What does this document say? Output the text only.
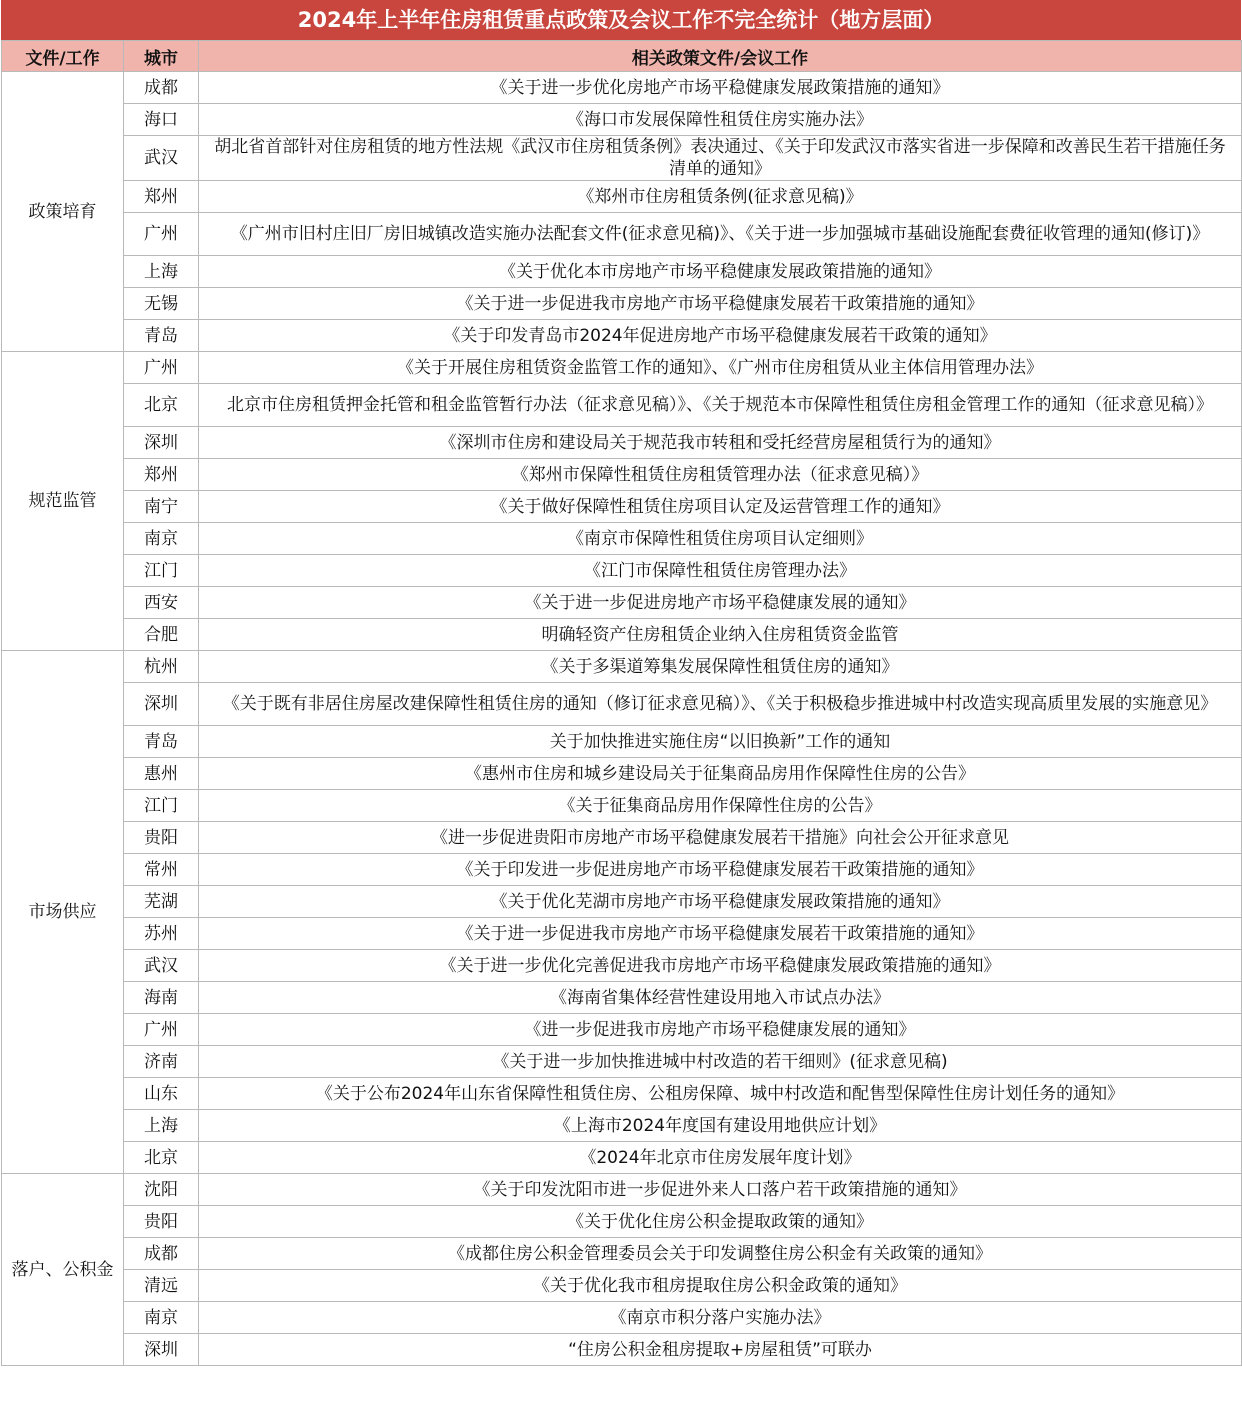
2024年上半年住房租赁重点政策及会议工作不完全统计（地方层面）
文件/工作	城市	相关政策文件/会议工作
政策培育	成都	《关于进一步优化房地产市场平稳健康发展政策措施的通知》
	海口	《海口市发展保障性租赁住房实施办法》
	武汉	胡北省首部针对住房租赁的地方性法规《武汉市住房租赁条例》表决通过、《关于印发武汉市落实省进一步保障和改善民生若干措施任务清单的通知》
	郑州	《郑州市住房租赁条例(征求意见稿)》
	广州	《广州市旧村庄旧厂房旧城镇改造实施办法配套文件(征求意见稿)》、《关于进一步加强城市基础设施配套费征收管理的通知(修订)》
	上海	《关于优化本市房地产市场平稳健康发展政策措施的通知》
	无锡	《关于进一步促进我市房地产市场平稳健康发展若干政策措施的通知》
	青岛	《关于印发青岛市2024年促进房地产市场平稳健康发展若干政策的通知》
规范监管	广州	《关于开展住房租赁资金监管工作的通知》、《广州市住房租赁从业主体信用管理办法》
	北京	北京市住房租赁押金托管和租金监管暂行办法（征求意见稿）》、《关于规范本市保障性租赁住房租金管理工作的通知（征求意见稿）》
	深圳	《深圳市住房和建设局关于规范我市转租和受托经营房屋租赁行为的通知》
	郑州	《郑州市保障性租赁住房租赁管理办法（征求意见稿）》
	南宁	《关于做好保障性租赁住房项目认定及运营管理工作的通知》
	南京	《南京市保障性租赁住房项目认定细则》
	江门	《江门市保障性租赁住房管理办法》
	西安	《关于进一步促进房地产市场平稳健康发展的通知》
	合肥	明确轻资产住房租赁企业纳入住房租赁资金监管
市场供应	杭州	《关于多渠道筹集发展保障性租赁住房的通知》
	深圳	《关于既有非居住房屋改建保障性租赁住房的通知（修订征求意见稿）》、《关于积极稳步推进城中村改造实现高质里发展的实施意见》
	青岛	关于加快推进实施住房“以旧换新”工作的通知
	惠州	《惠州市住房和城乡建设局关于征集商品房用作保障性住房的公告》
	江门	《关于征集商品房用作保障性住房的公告》
	贵阳	《进一步促进贵阳市房地产市场平稳健康发展若干措施》向社会公开征求意见
	常州	《关于印发进一步促进房地产市场平稳健康发展若干政策措施的通知》
	芜湖	《关于优化芜湖市房地产市场平稳健康发展政策措施的通知》
	苏州	《关于进一步促进我市房地产市场平稳健康发展若干政策措施的通知》
	武汉	《关于进一步优化完善促进我市房地产市场平稳健康发展政策措施的通知》
	海南	《海南省集体经营性建设用地入市试点办法》
	广州	《进一步促进我市房地产市场平稳健康发展的通知》
	济南	《关于进一步加快推进城中村改造的若干细则》(征求意见稿)
	山东	《关于公布2024年山东省保障性租赁住房、公租房保障、城中村改造和配售型保障性住房计划任务的通知》
	上海	《上海市2024年度国有建设用地供应计划》
	北京	《2024年北京市住房发展年度计划》
落户、公积金	沈阳	《关于印发沈阳市进一步促进外来人口落户若干政策措施的通知》
	贵阳	《关于优化住房公积金提取政策的通知》
	成都	《成都住房公积金管理委员会关于印发调整住房公积金有关政策的通知》
	清远	《关于优化我市租房提取住房公积金政策的通知》
	南京	《南京市积分落户实施办法》
	深圳	“住房公积金租房提取+房屋租赁”可联办
